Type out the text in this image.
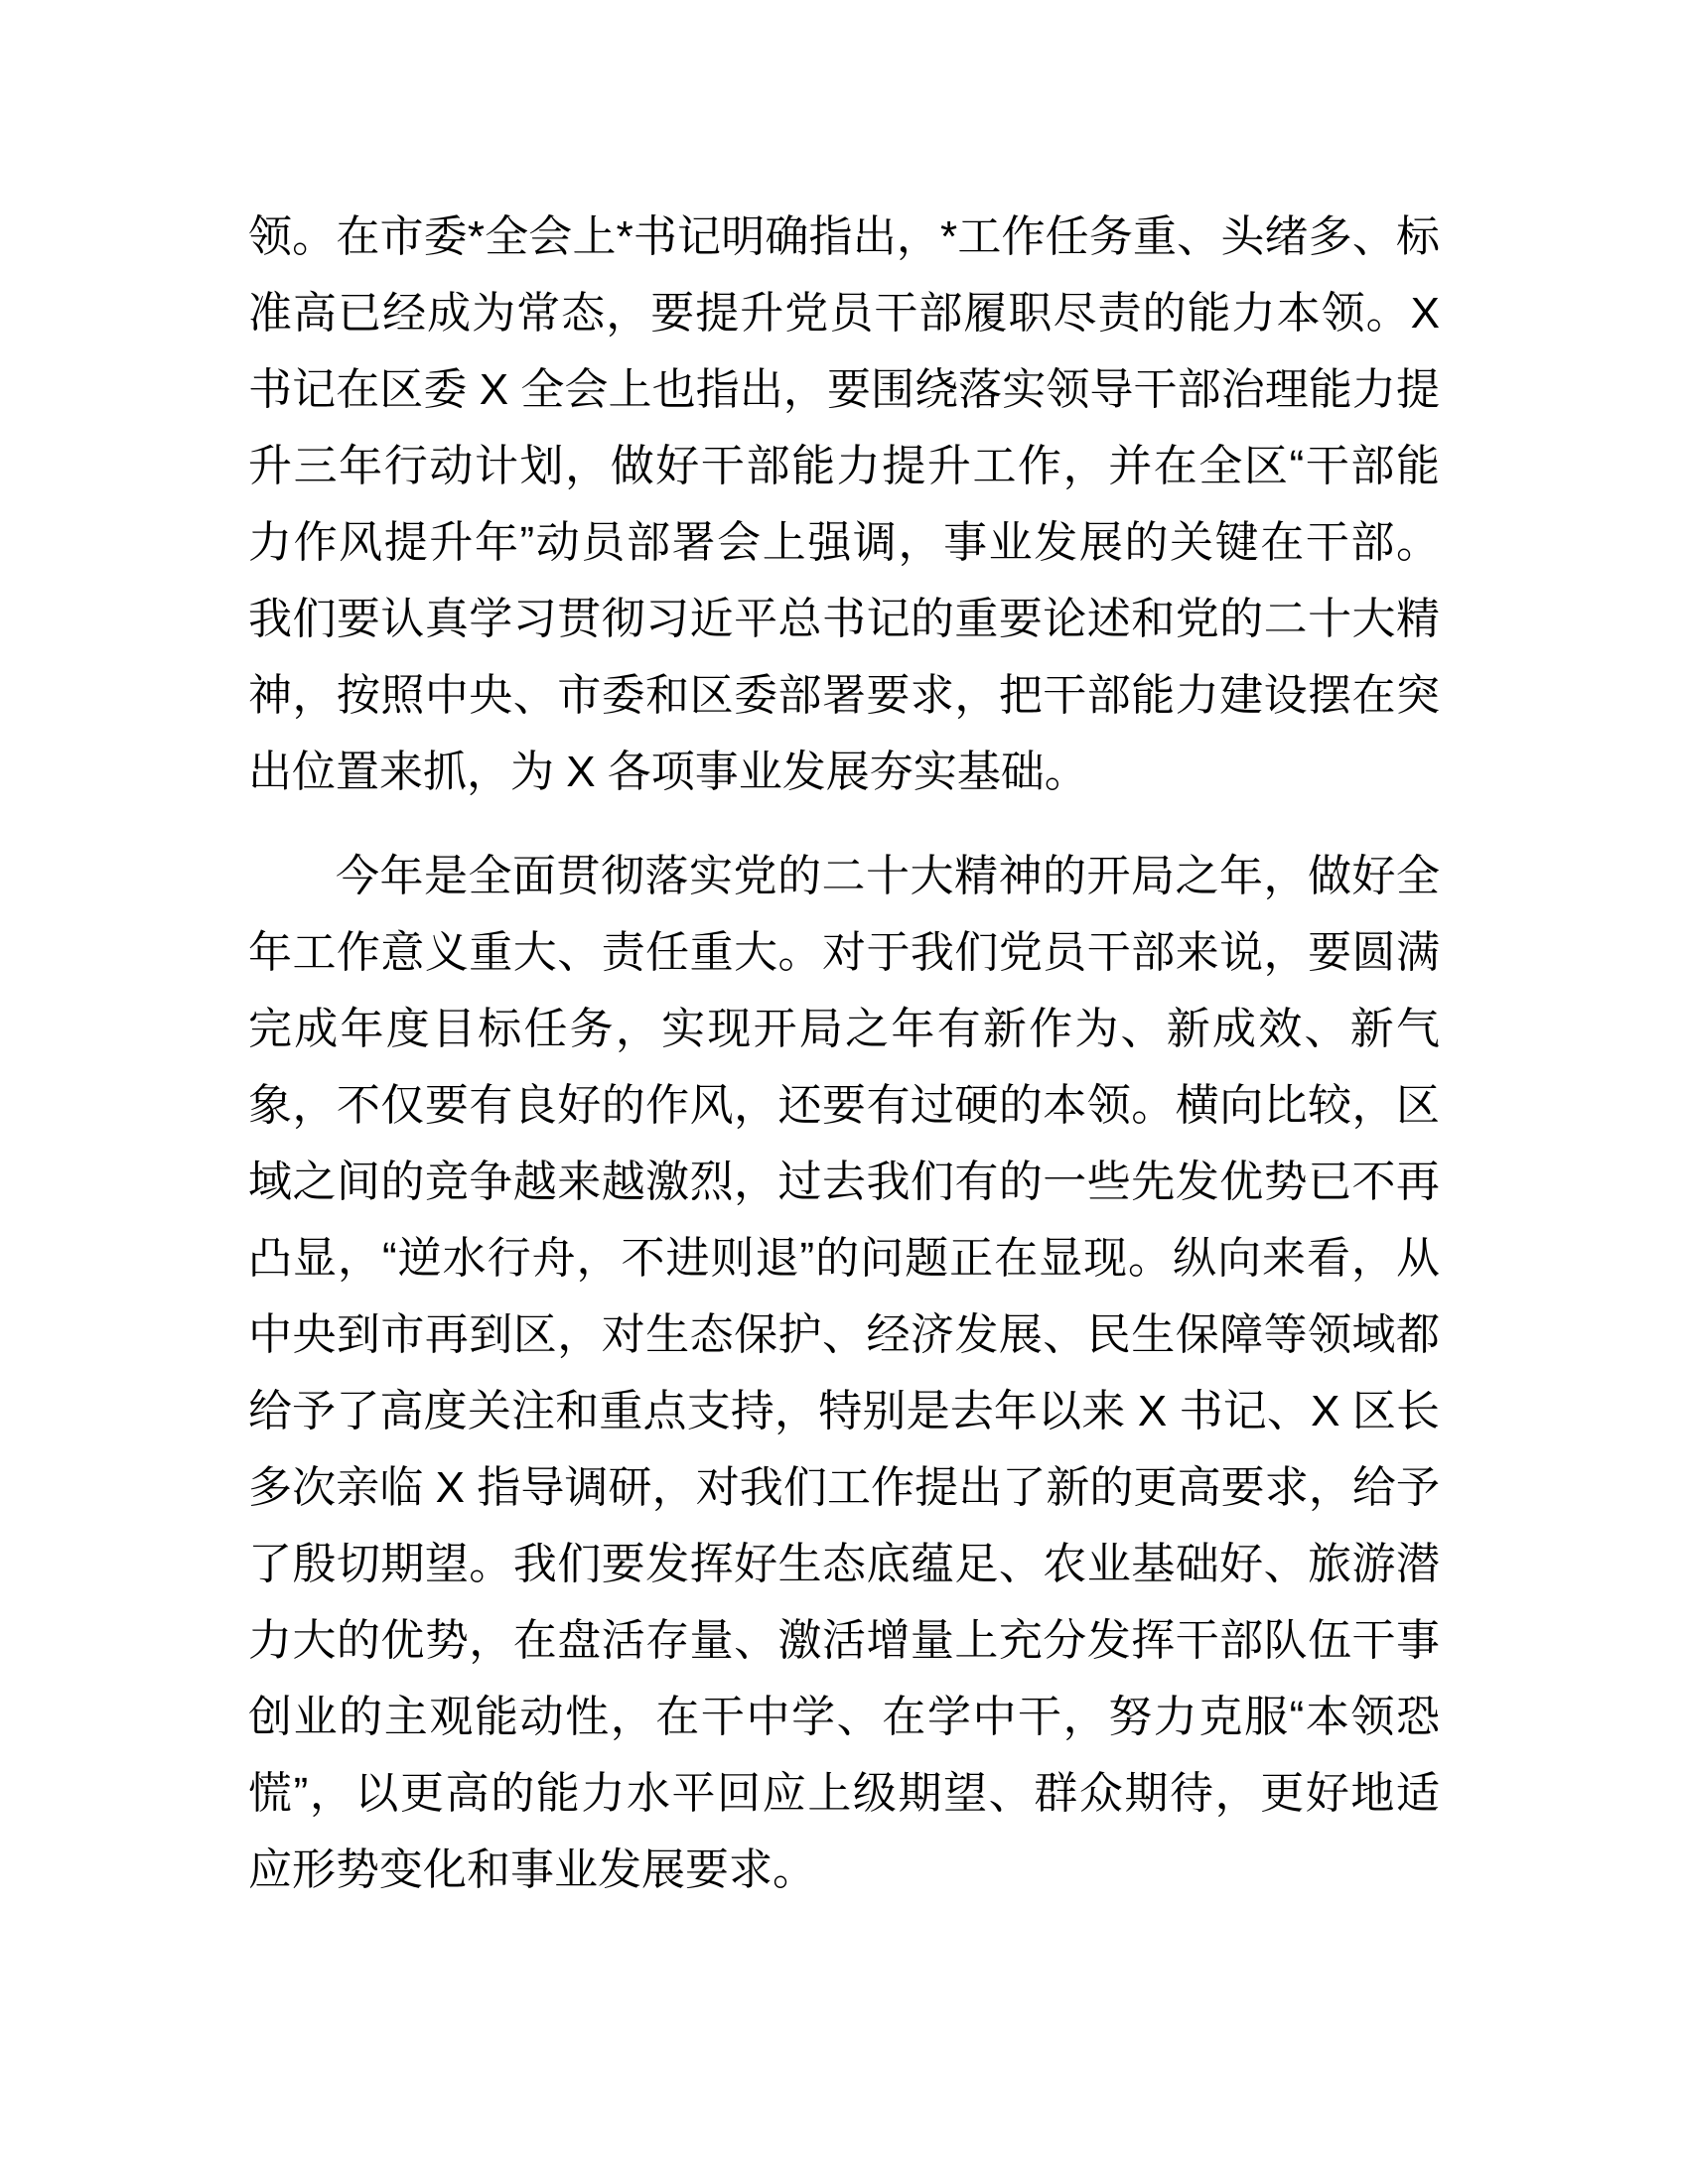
领。在市委*全会上*书记明确指出，*工作任务重、头绪多、标准高已经成为常态，要提升党员干部履职尽责的能力本领。X 书记在区委 X 全会上也指出，要围绕落实领导干部治理能力提升三年行动计划，做好干部能力提升工作，并在全区“干部能力作风提升年”动员部署会上强调，事业发展的关键在干部。我们要认真学习贯彻习近平总书记的重要论述和党的二十大精神，按照中央、市委和区委部署要求，把干部能力建设摆在突出位置来抓，为 X 各项事业发展夯实基础。

今年是全面贯彻落实党的二十大精神的开局之年，做好全年工作意义重大、责任重大。对于我们党员干部来说，要圆满完成年度目标任务，实现开局之年有新作为、新成效、新气象，不仅要有良好的作风，还要有过硬的本领。横向比较，区域之间的竞争越来越激烈，过去我们有的一些先发优势已不再凸显，“逆水行舟，不进则退”的问题正在显现。纵向来看，从中央到市再到区，对生态保护、经济发展、民生保障等领域都给予了高度关注和重点支持，特别是去年以来 X 书记、X 区长多次亲临 X 指导调研，对我们工作提出了新的更高要求，给予了殷切期望。我们要发挥好生态底蕴足、农业基础好、旅游潜力大的优势，在盘活存量、激活增量上充分发挥干部队伍干事创业的主观能动性，在干中学、在学中干，努力克服“本领恐慌”，以更高的能力水平回应上级期望、群众期待，更好地适应形势变化和事业发展要求。
